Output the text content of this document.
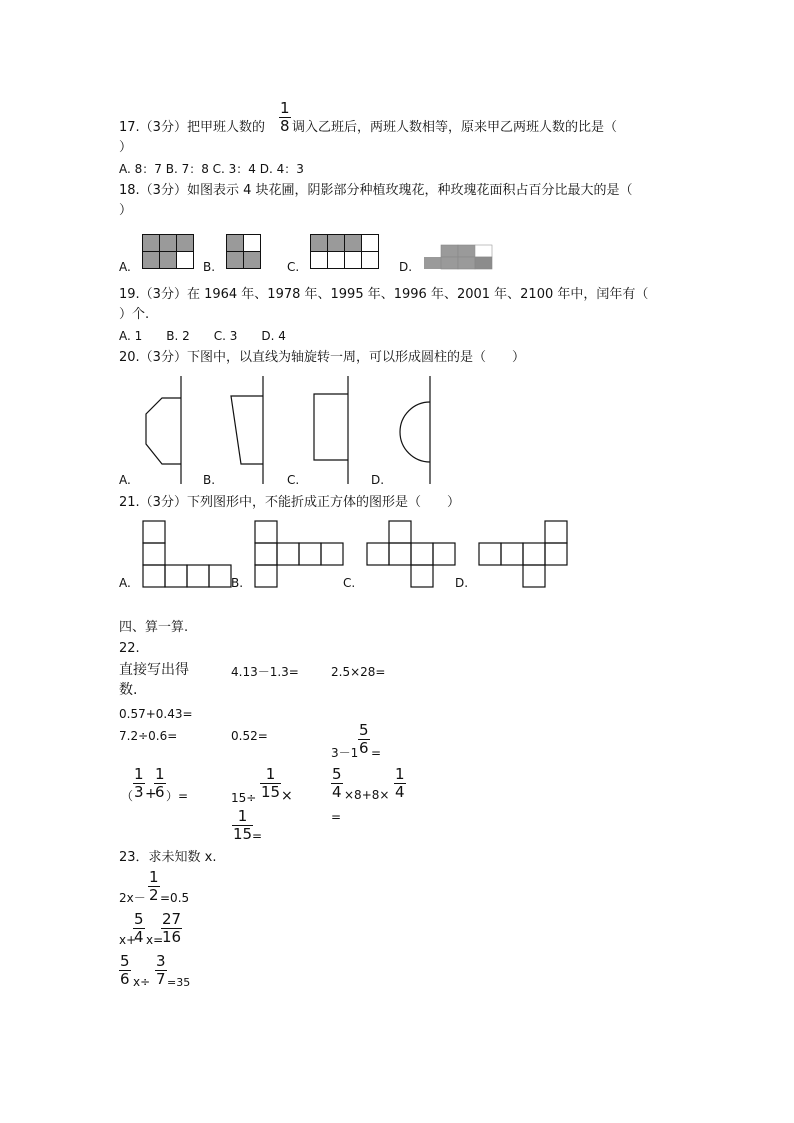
17.（3分）把甲班人数的 $\frac{1}{8}$ 调入乙班后，两班人数相等，原来甲乙两班人数的比是（
）
A. 8：7 B. 7：8 C. 3：4 D. 4：3
18.（3分）如图表示 4 块花圃，阴影部分种植玫瑰花，种玫瑰花面积占百分比最大的是（
）
A.

			B.

		C.

				D.
19.（3分）在 1964 年、1978 年、1995 年、1996 年、2001 年、2100 年中，闰年有（
）个.
A. 1　　B. 2　　C. 3　　D. 4
20.（3分）下图中，以直线为轴旋转一周，可以形成圆柱的是（　　）
A.	B.	C.	D.
21.（3分）下列图形中，不能折成正方体的图形是（　　）
A.	B.	C.	D.
四、算一算.
22.
直接写出得
数.
4.13－1.3=	2.5×28=
0.57+0.43=
7.2÷0.6=	0.52=
$3-1 \frac{5}{6}$ =
（ $\frac{1}{3}$ +
$\frac{1}{6}$ ）=	$15\div \frac{1}{15}$ ×
$\frac{1}{15}$
=
$\frac{5}{4} \times 8+8\times \frac{1}{4}$
=
23．求未知数 x.
$2x- \frac{1}{2} =0.5$
x+
$\frac{5}{4} x=$
$\frac{27}{16}$
$\frac{5}{6} x\div \frac{3}{7} =35$
